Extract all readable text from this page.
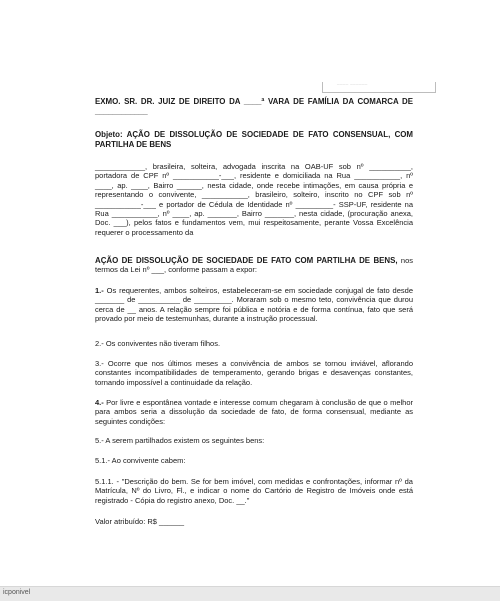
____ ______
EXMO. SR. DR. JUIZ DE DIREITO DA ____ª VARA DE FAMÍLIA DA COMARCA DE ____________
Objeto: AÇÃO DE DISSOLUÇÃO DE SOCIEDADE DE FATO CONSENSUAL, COM PARTILHA DE BENS
____________, brasileira, solteira, advogada inscrita na OAB-UF sob nº __________, portadora de CPF nº ___________-___, residente e domiciliada na Rua ___________, nº ____, ap. ____, Bairro ______, nesta cidade, onde recebe intimações, em causa própria e representando o convivente, ___________, brasileiro, solteiro, inscrito no CPF sob nº ___________-___ e portador de Cédula de Identidade nº _________- SSP-UF, residente na Rua ___________, nº ____, ap. _______, Bairro _______, nesta cidade, (procuração anexa, Doc. ___), pelos fatos e fundamentos vem, mui respeitosamente, perante Vossa Excelência requerer o processamento da
AÇÃO DE DISSOLUÇÃO DE SOCIEDADE DE FATO COM PARTILHA DE BENS, nos termos da Lei nº ___, conforme passam a expor:
1.- Os requerentes, ambos solteiros, estabeleceram-se em sociedade conjugal de fato desde _______ de __________ de _________. Moraram sob o mesmo teto, convivência que durou cerca de __ anos. A relação sempre foi pública e notória e de forma contínua, fato que será provado por meio de testemunhas, durante a instrução processual.
2.- Os conviventes não tiveram filhos.
3.- Ocorre que nos últimos meses a convivência de ambos se tornou inviável, aflorando constantes incompatibilidades de temperamento, gerando brigas e desavenças constantes, tornando impossível a continuidade da relação.
4.- Por livre e espontânea vontade e interesse comum chegaram à conclusão de que o melhor para ambos seria a dissolução da sociedade de fato, de forma consensual, mediante as seguintes condições:
5.- A serem partilhados existem os seguintes bens:
5.1.- Ao convivente cabem:
5.1.1. - "Descrição do bem. Se for bem imóvel, com medidas e confrontações, informar nº da Matrícula, Nº do Livro, Fl., e indicar o nome do Cartório de Registro de Imóveis onde está registrado - Cópia do registro anexo, Doc. __."
Valor atribuído: R$ ______
icponivel
